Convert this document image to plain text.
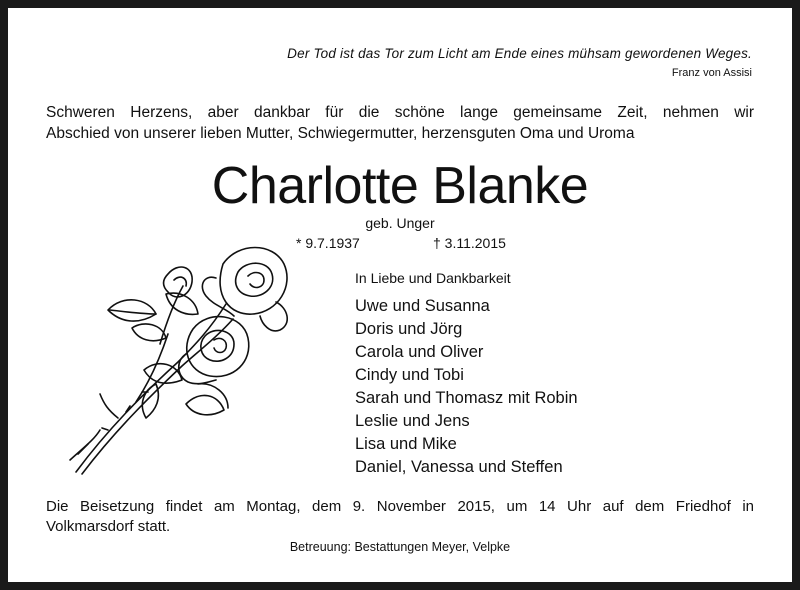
Der Tod ist das Tor zum Licht am Ende eines mühsam gewordenen Weges.
Franz von Assisi

Schweren Herzens, aber dankbar für die schöne lange gemeinsame Zeit, nehmen wir

Abschied von unserer lieben Mutter, Schwiegermutter, herzensguten Oma und Uroma

Charlotte Blanke
geb. Unger
* 9.7.1937	† 3.11.2015
In Liebe und Dankbarkeit
Uwe und Susanna
Doris und Jörg
Carola und Oliver
Cindy und Tobi
Sarah und Thomasz mit Robin
Leslie und Jens
Lisa und Mike
Daniel, Vanessa und Steffen

Die Beisetzung findet am Montag, dem 9. November 2015, um 14 Uhr auf dem Friedhof in

Volkmarsdorf statt.

Betreuung: Bestattungen Meyer, Velpke
